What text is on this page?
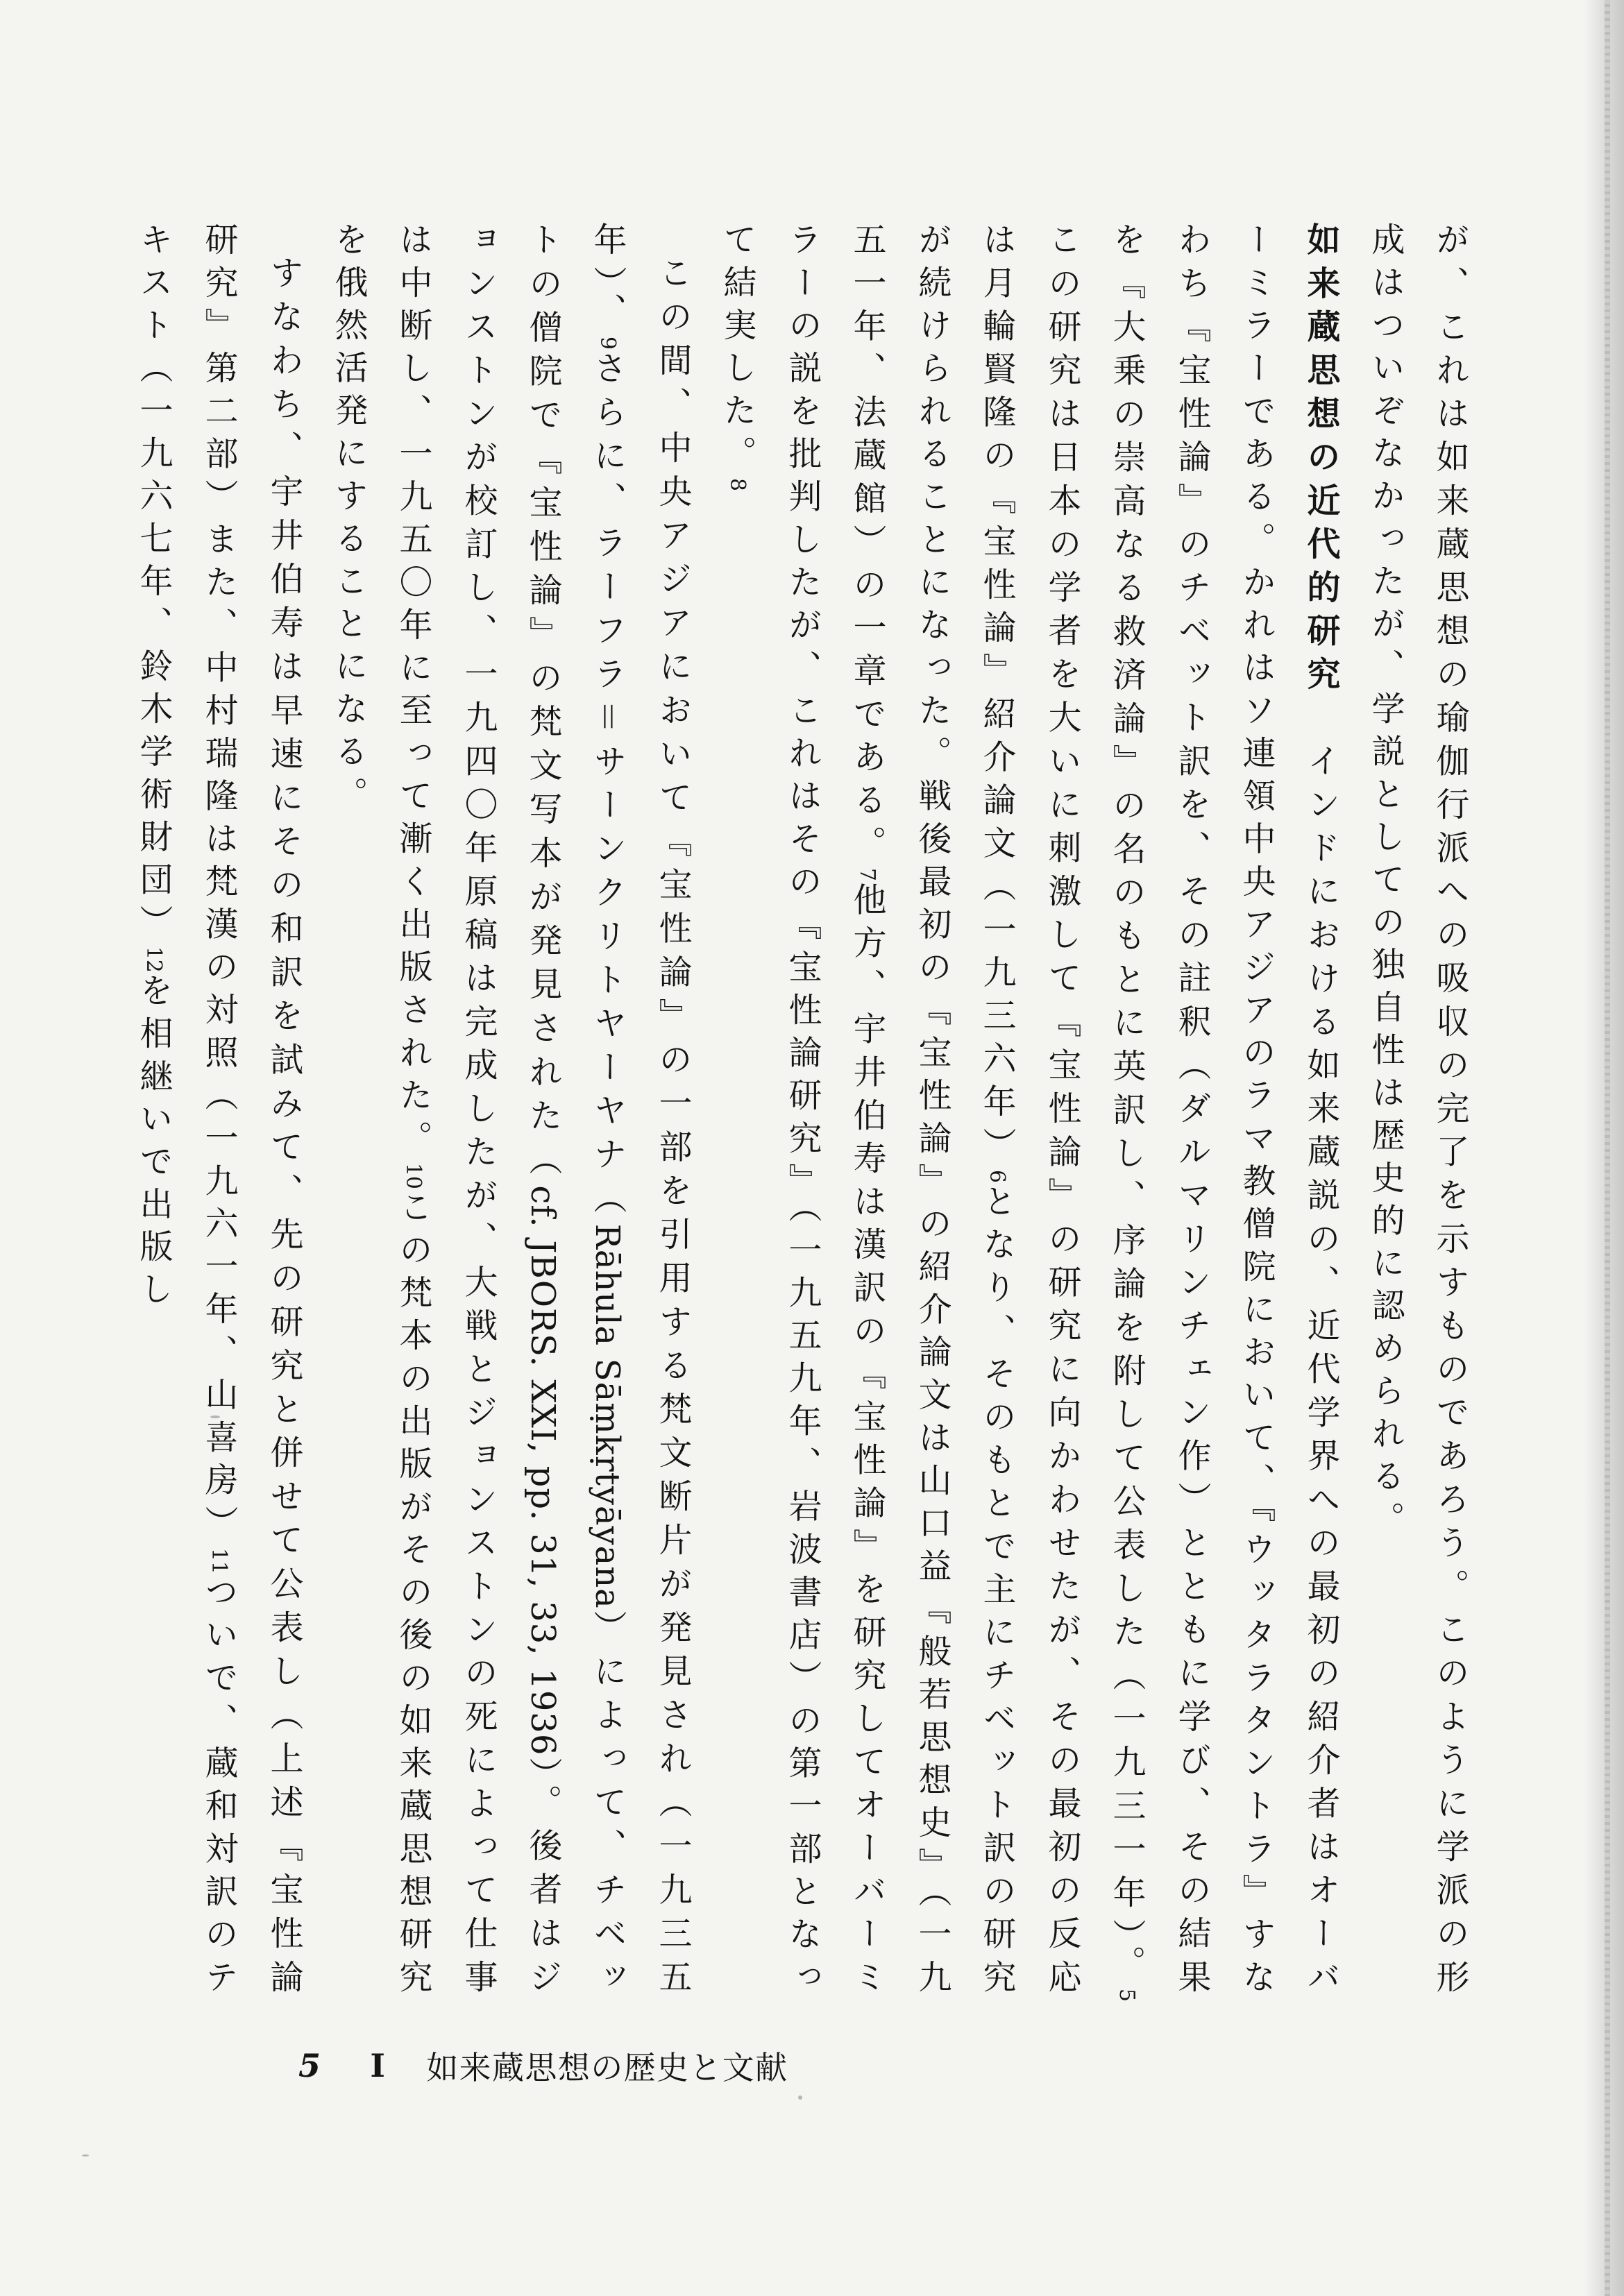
が、これは如来蔵思想の瑜伽行派への吸収の完了を示すものであろう。このように学派の形成はついぞなかったが、学説としての独自性は歴史的に認められる。

如来蔵思想の近代的研究　インドにおける如来蔵説の、近代学界への最初の紹介者はオーバーミラーである。かれはソ連領中央アジアのラマ教僧院において、『ウッタラタントラ』すなわち『宝性論』のチベット訳を、その註釈（ダルマリンチェン作）とともに学び、その結果を『大乗の崇高なる救済論』の名のもとに英訳し、序論を附して公表した（一九三一年）。5この研究は日本の学者を大いに刺激して『宝性論』の研究に向かわせたが、その最初の反応は月輪賢隆の『宝性論』紹介論文（一九三六年）6となり、そのもとで主にチベット訳の研究が続けられることになった。戦後最初の『宝性論』の紹介論文は山口益『般若思想史』（一九五一年、法蔵館）の一章である。7他方、宇井伯寿は漢訳の『宝性論』を研究してオーバーミラーの説を批判したが、これはその『宝性論研究』（一九五九年、岩波書店）の第一部となって結実した。8

この間、中央アジアにおいて『宝性論』の一部を引用する梵文断片が発見され（一九三五年）、9さらに、ラーフラ＝サーンクリトヤーヤナ（Rāhula Sāṃkṛtyāyana）によって、チベットの僧院で『宝性論』の梵文写本が発見された（cf. JBORS. XXI, pp. 31, 33, 1936）。後者はジョンストンが校訂し、一九四〇年原稿は完成したが、大戦とジョンストンの死によって仕事は中断し、一九五〇年に至って漸く出版された。10この梵本の出版がその後の如来蔵思想研究を俄然活発にすることになる。

すなわち、宇井伯寿は早速にその和訳を試みて、先の研究と併せて公表し（上述『宝性論研究』第二部）また、中村瑞隆は梵漢の対照（一九六一年、山喜房）11ついで、蔵和対訳のテキスト（一九六七年、鈴木学術財団）12を相継いで出版し

5 I 如来蔵思想の歴史と文献
